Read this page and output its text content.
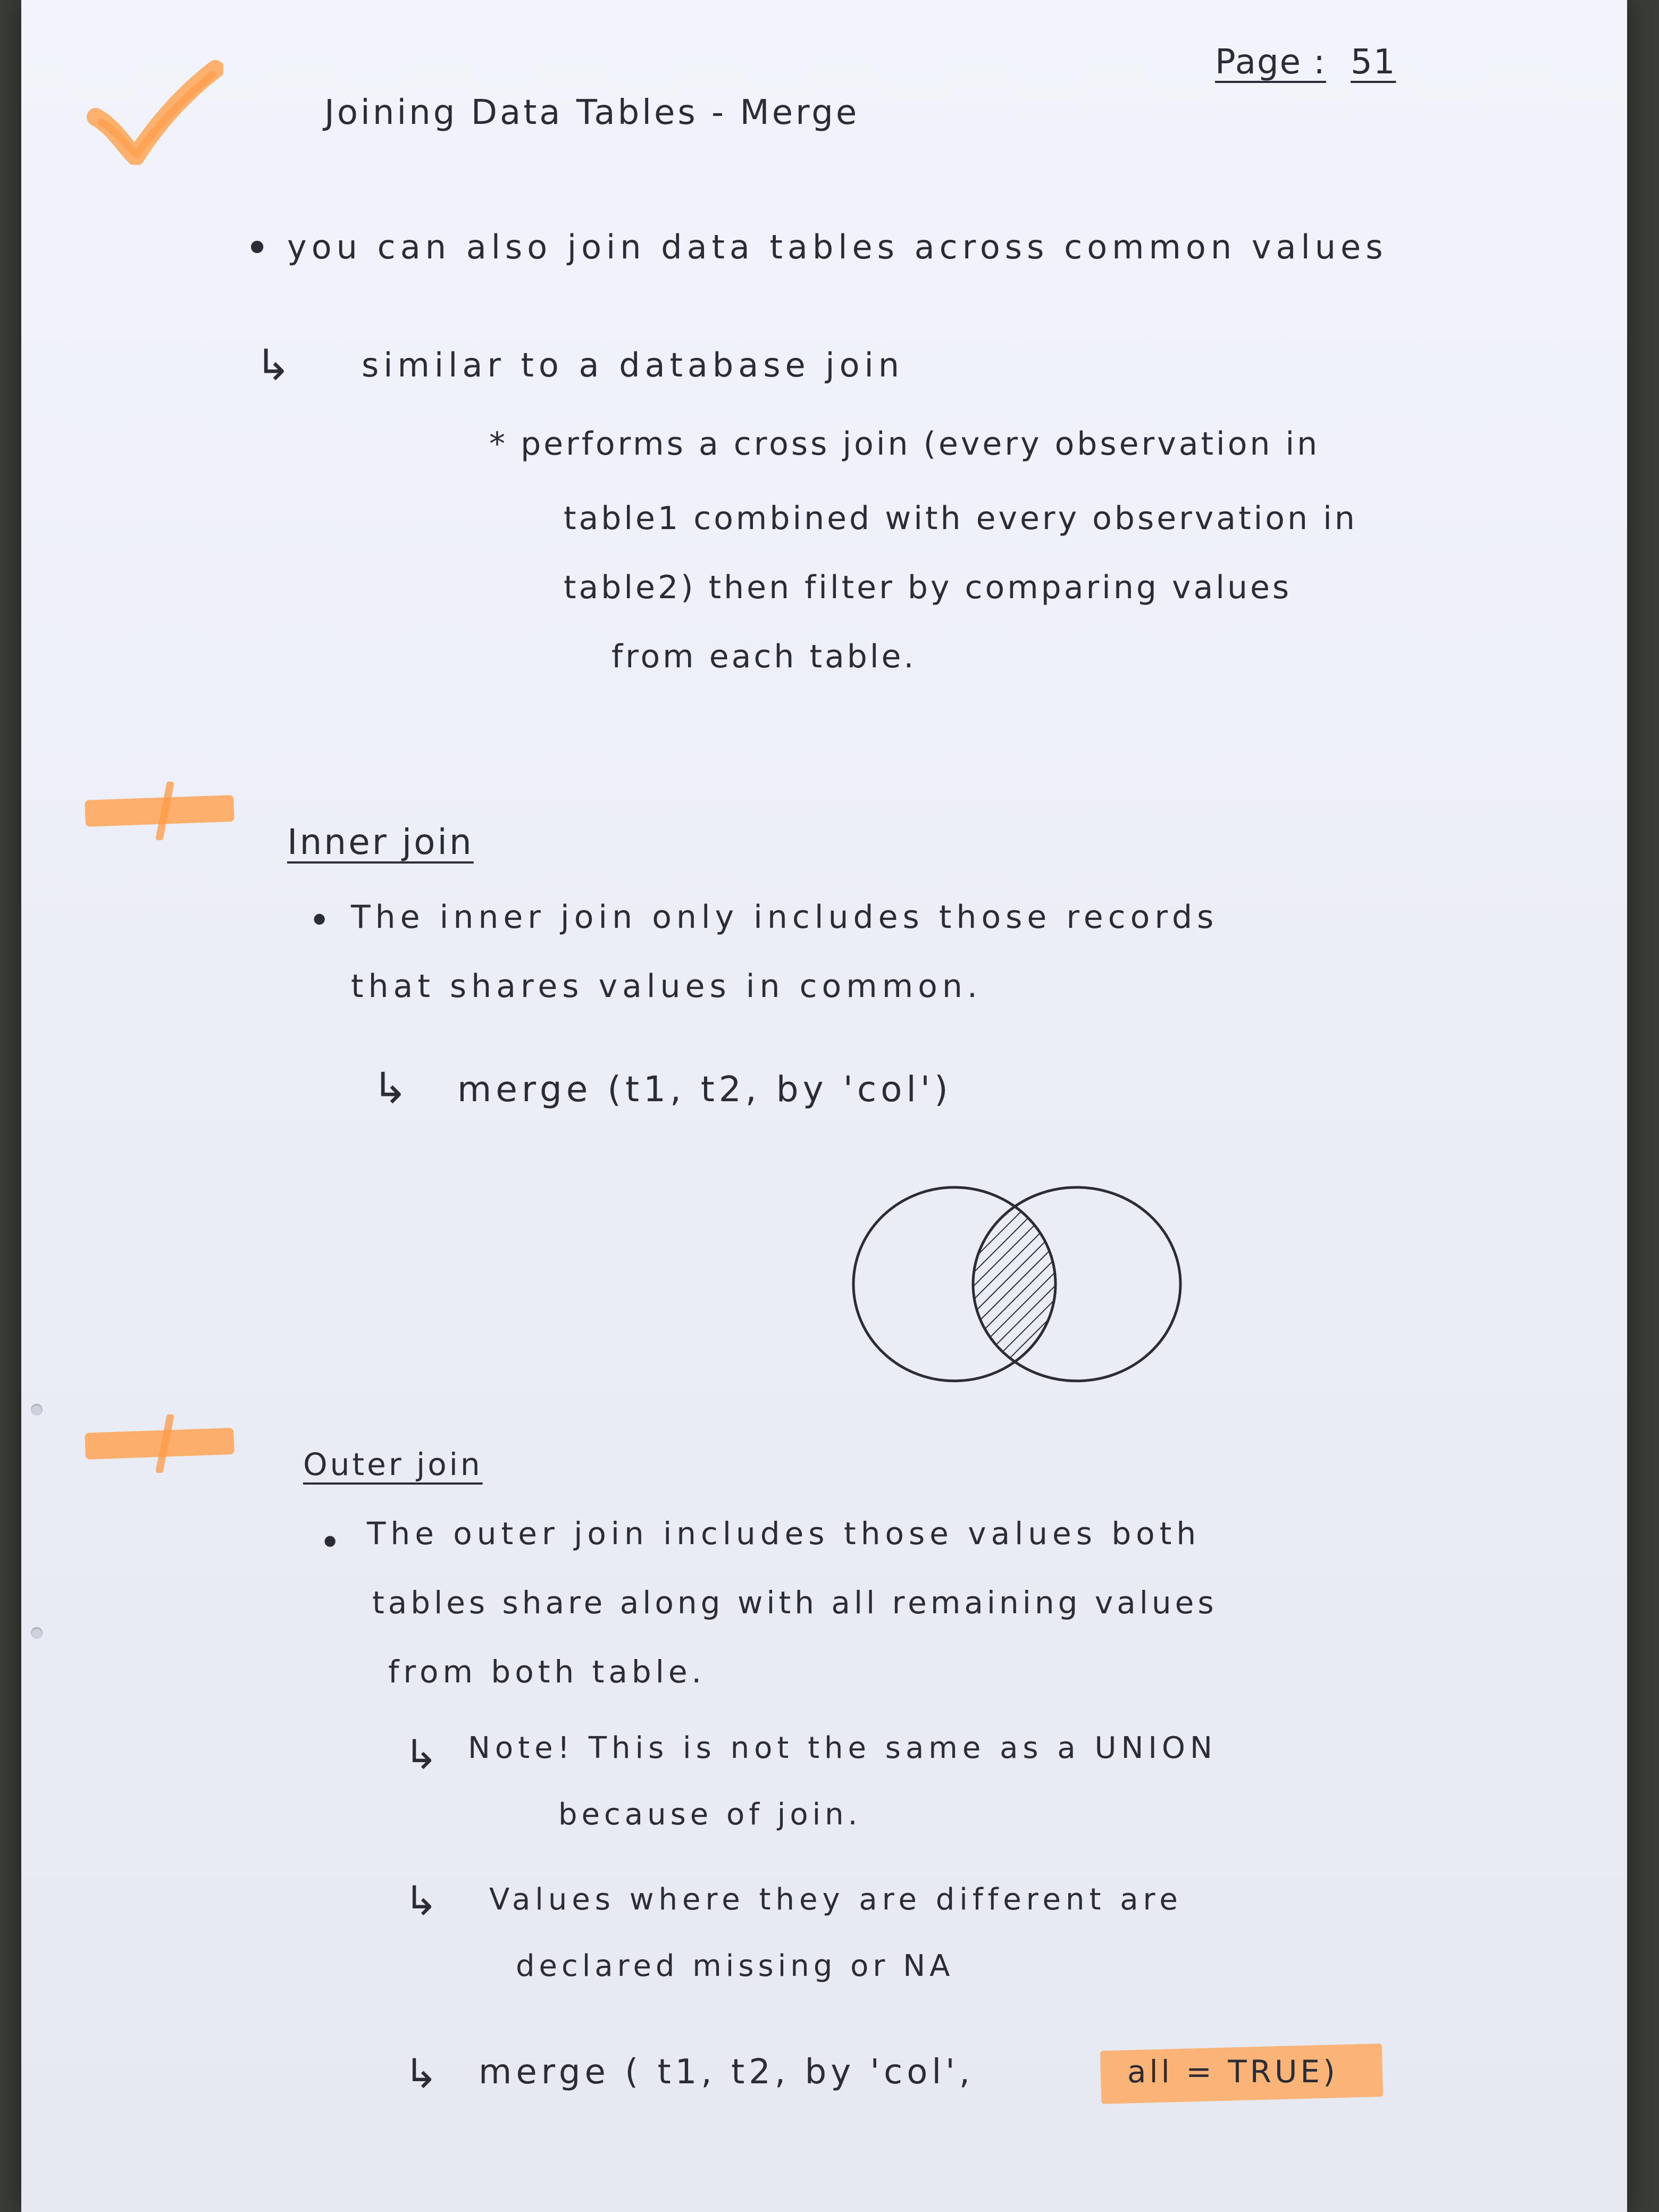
Page : 51
Joining Data Tables - Merge
• you can also join data tables across common values
↳ similar to a database join
* performs a cross join (every observation in
table1 combined with every observation in
table2) then filter by comparing values
from each table.
Inner join
• The inner join only includes those records
that shares values in common.
↳ merge (t1, t2, by 'col')
Outer join
• The outer join includes those values both
tables share along with all remaining values
from both table.
↳ Note! This is not the same as a UNION
because of join.
↳ Values where they are different are
declared missing or NA
↳ merge ( t1, t2, by 'col',	all = TRUE)
